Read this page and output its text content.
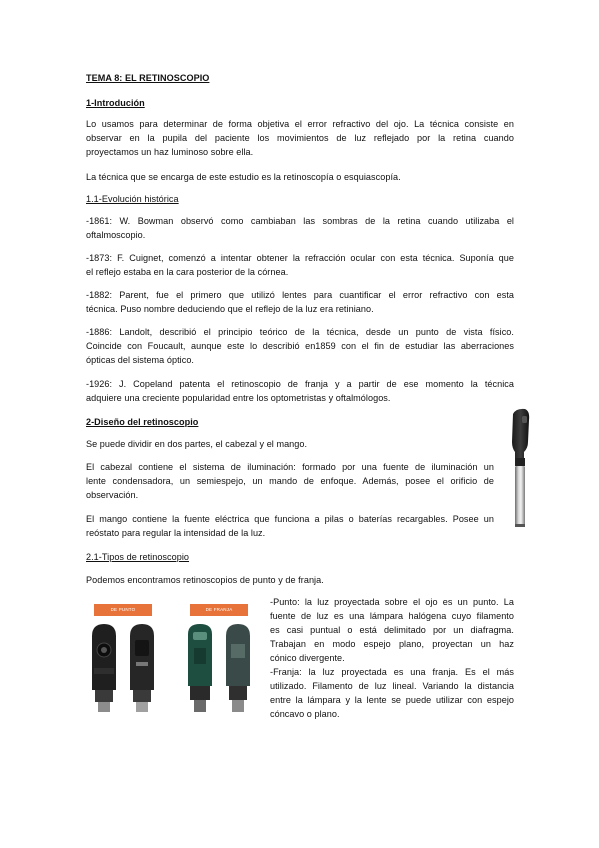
TEMA 8: EL RETINOSCOPIO
1-Introdución
Lo usamos para determinar de forma objetiva el error refractivo del ojo. La técnica consiste en
observar en la pupila del paciente los movimientos de luz reflejado por la retina cuando
proyectamos un haz luminoso sobre ella.
La técnica que se encarga de este estudio es la retinoscopía o esquiascopía.
1.1-Evolución histórica
-1861: W. Bowman observó como cambiaban las sombras de la retina cuando utilizaba el
oftalmoscopio.
-1873: F. Cuignet, comenzó a intentar obtener la refracción ocular con esta técnica. Suponía que
el reflejo estaba en la cara posterior de la córnea.
-1882: Parent, fue el primero que utilizó lentes para cuantificar el error refractivo con esta
técnica. Puso nombre deduciendo que el reflejo de la luz era retiniano.
-1886: Landolt, describió el principio teórico de la técnica, desde un punto de vista físico.
Coincide con Foucault, aunque este lo describió en1859 con el fin de estudiar las aberraciones
ópticas del sistema óptico.
-1926: J. Copeland patenta el retinoscopio de franja y a partir de ese momento la técnica
adquiere una creciente popularidad entre los optometristas y oftalmólogos.
2-Diseño del retinoscopio
Se puede dividir en dos partes, el cabezal y el mango.
El cabezal contiene el sistema de iluminación: formado por una fuente de iluminación un
lente condensadora, un semiespejo, un mando de enfoque. Además, posee el orificio de
observación.
El mango contiene la fuente eléctrica que funciona a pilas o baterías recargables. Posee un
reóstato para regular la intensidad de la luz.
2.1-Tipos de retinoscopio
Podemos encontramos retinoscopios de punto y de franja.
DE PUNTO	DE FRANJA
-Punto: la luz proyectada sobre el ojo es un punto. La
fuente de luz es una lámpara halógena cuyo filamento
es casi puntual o está delimitado por un diafragma.
Trabajan en modo espejo plano, proyectan un haz
cónico divergente.
-Franja: la luz proyectada es una franja. Es el más
utilizado. Filamento de luz lineal. Variando la distancia
entre la lámpara y la lente se puede utilizar con espejo
cóncavo o plano.
